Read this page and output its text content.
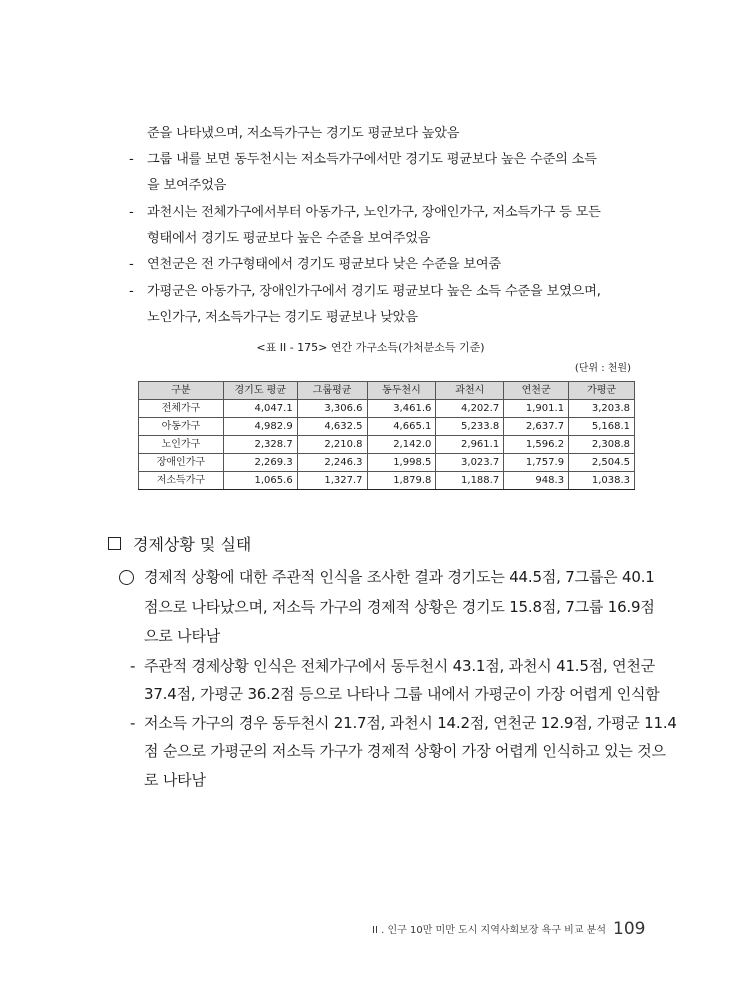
준을 나타냈으며, 저소득가구는 경기도 평균보다 높았음
- 그룹 내를 보면 동두천시는 저소득가구에서만 경기도 평균보다 높은 수준의 소득
을 보여주었음
- 과천시는 전체가구에서부터 아동가구, 노인가구, 장애인가구, 저소득가구 등 모든
형태에서 경기도 평균보다 높은 수준을 보여주었음
- 연천군은 전 가구형태에서 경기도 평균보다 낮은 수준을 보여줌
- 가평군은 아동가구, 장애인가구에서 경기도 평균보다 높은 소득 수준을 보였으며,
노인가구, 저소득가구는 경기도 평균보나 낮았음
<표 II - 175> 연간 가구소득(가처분소득 기준)
(단위 : 천원)
구분	경기도 평균	그룹평균	동두천시	과천시	연천군	가평군
전체가구	4,047.1	3,306.6	3,461.6	4,202.7	1,901.1	3,203.8
아동가구	4,982.9	4,632.5	4,665.1	5,233.8	2,637.7	5,168.1
노인가구	2,328.7	2,210.8	2,142.0	2,961.1	1,596.2	2,308.8
장애인가구	2,269.3	2,246.3	1,998.5	3,023.7	1,757.9	2,504.5
저소득가구	1,065.6	1,327.7	1,879.8	1,188.7	948.3	1,038.3
경제상황 및 실태
경제적 상황에 대한 주관적 인식을 조사한 결과 경기도는 44.5점, 7그룹은 40.1
점으로 나타났으며, 저소득 가구의 경제적 상황은 경기도 15.8점, 7그룹 16.9점
으로 나타남
- 주관적 경제상황 인식은 전체가구에서 동두천시 43.1점, 과천시 41.5점, 연천군
37.4점, 가평군 36.2점 등으로 나타나 그룹 내에서 가평군이 가장 어렵게 인식함
- 저소득 가구의 경우 동두천시 21.7점, 과천시 14.2점, 연천군 12.9점, 가평군 11.4
점 순으로 가평군의 저소득 가구가 경제적 상황이 가장 어렵게 인식하고 있는 것으
로 나타남
II . 인구 10만 미만 도시 지역사회보장 욕구 비교 분석 109
